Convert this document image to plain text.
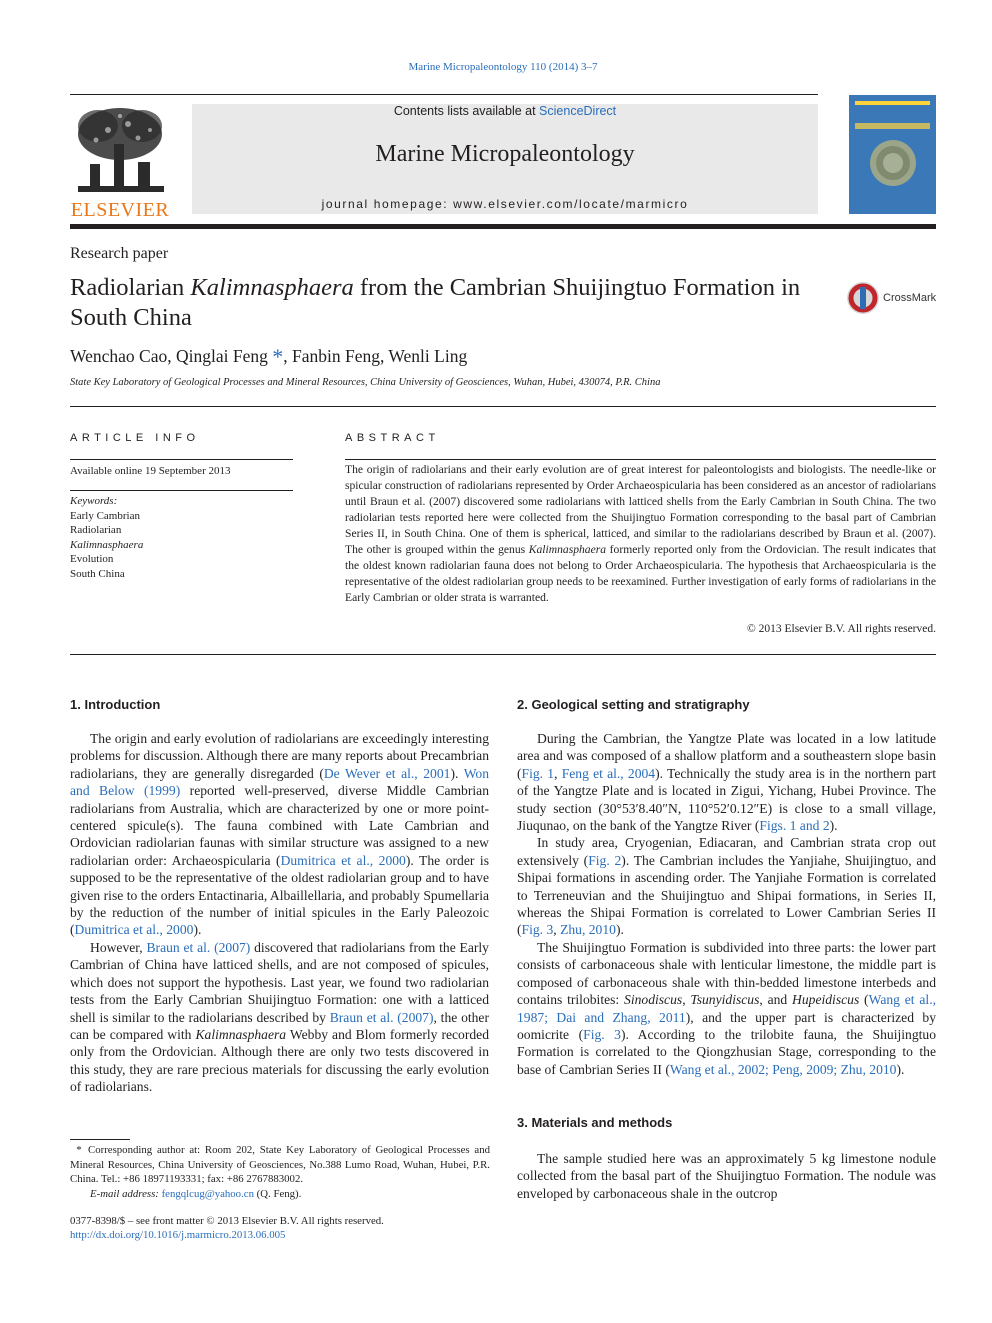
Marine Micropaleontology 110 (2014) 3–7
ELSEVIER
Contents lists available at ScienceDirect
Marine Micropaleontology
journal homepage: www.elsevier.com/locate/marmicro
Research paper
Radiolarian Kalimnasphaera from the Cambrian Shuijingtuo Formation in South China
CrossMark
Wenchao Cao, Qinglai Feng *, Fanbin Feng, Wenli Ling
State Key Laboratory of Geological Processes and Mineral Resources, China University of Geosciences, Wuhan, Hubei, 430074, P.R. China
ARTICLE INFO
Available online 19 September 2013
Keywords:
Early Cambrian
Radiolarian
Kalimnasphaera
Evolution
South China
ABSTRACT
The origin of radiolarians and their early evolution are of great interest for paleontologists and biologists. The needle-like or spicular construction of radiolarians represented by Order Archaeospicularia has been considered as an ancestor of radiolarians until Braun et al. (2007) discovered some radiolarians with latticed shells from the Early Cambrian in South China. The two radiolarian tests reported here were collected from the Shuijingtuo Formation corresponding to the basal part of Cambrian Series II, in South China. One of them is spherical, latticed, and similar to the radiolarians described by Braun et al. (2007). The other is grouped within the genus Kalimnasphaera formerly reported only from the Ordovician. The result indicates that the oldest known radiolarian fauna does not belong to Order Archaeospicularia. The hypothesis that Archaeospicularia is the representative of the oldest radiolarian group needs to be reexamined. Further investigation of early forms of radiolarians in the Early Cambrian or older strata is warranted.
© 2013 Elsevier B.V. All rights reserved.
1. Introduction

The origin and early evolution of radiolarians are exceedingly interesting problems for discussion. Although there are many reports about Precambrian radiolarians, they are generally disregarded (De Wever et al., 2001). Won and Below (1999) reported well-preserved, diverse Middle Cambrian radiolarians from Australia, which are characterized by one or more point-centered spicule(s). The fauna combined with Late Cambrian and Ordovician radiolarian faunas with similar structure was assigned to a new radiolarian order: Archaeospicularia (Dumitrica et al., 2000). The order is supposed to be the representative of the oldest radiolarian group and to have given rise to the orders Entactinaria, Albaillellaria, and probably Spumellaria by the reduction of the number of initial spicules in the Early Paleozoic (Dumitrica et al., 2000).

However, Braun et al. (2007) discovered that radiolarians from the Early Cambrian of China have latticed shells, and are not composed of spicules, which does not support the hypothesis. Last year, we found two radiolarian tests from the Early Cambrian Shuijingtuo Formation: one with a latticed shell is similar to the radiolarians described by Braun et al. (2007), the other can be compared with Kalimnasphaera Webby and Blom formerly recorded only from the Ordovician. Although there are only two tests discovered in this study, they are rare precious materials for discussing the early evolution of radiolarians.

* Corresponding author at: Room 202, State Key Laboratory of Geological Processes and Mineral Resources, China University of Geosciences, No.388 Lumo Road, Wuhan, Hubei, P.R. China. Tel.: +86 18971193331; fax: +86 2767883002.
E-mail address: fengqlcug@yahoo.cn (Q. Feng).
0377-8398/$ – see front matter © 2013 Elsevier B.V. All rights reserved.
http://dx.doi.org/10.1016/j.marmicro.2013.06.005
2. Geological setting and stratigraphy

During the Cambrian, the Yangtze Plate was located in a low latitude area and was composed of a shallow platform and a southeastern slope basin (Fig. 1, Feng et al., 2004). Technically the study area is in the northern part of the Yangtze Plate and is located in Zigui, Yichang, Hubei Province. The study section (30°53′8.40″N, 110°52′0.12″E) is close to a small village, Jiuqunao, on the bank of the Yangtze River (Figs. 1 and 2).

In study area, Cryogenian, Ediacaran, and Cambrian strata crop out extensively (Fig. 2). The Cambrian includes the Yanjiahe, Shuijingtuo, and Shipai formations in ascending order. The Yanjiahe Formation is correlated to Terreneuvian and the Shuijingtuo and Shipai formations, in Series II, whereas the Shipai Formation is correlated to Lower Cambrian Series II (Fig. 3, Zhu, 2010).

The Shuijingtuo Formation is subdivided into three parts: the lower part consists of carbonaceous shale with lenticular limestone, the middle part is composed of carbonaceous shale with thin-bedded limestone interbeds and contains trilobites: Sinodiscus, Tsunyidiscus, and Hupeidiscus (Wang et al., 1987; Dai and Zhang, 2011), and the upper part is characterized by oomicrite (Fig. 3). According to the trilobite fauna, the Shuijingtuo Formation is correlated to the Qiongzhusian Stage, corresponding to the base of Cambrian Series II (Wang et al., 2002; Peng, 2009; Zhu, 2010).

3. Materials and methods

The sample studied here was an approximately 5 kg limestone nodule collected from the basal part of the Shuijingtuo Formation. The nodule was enveloped by carbonaceous shale in the outcrop
